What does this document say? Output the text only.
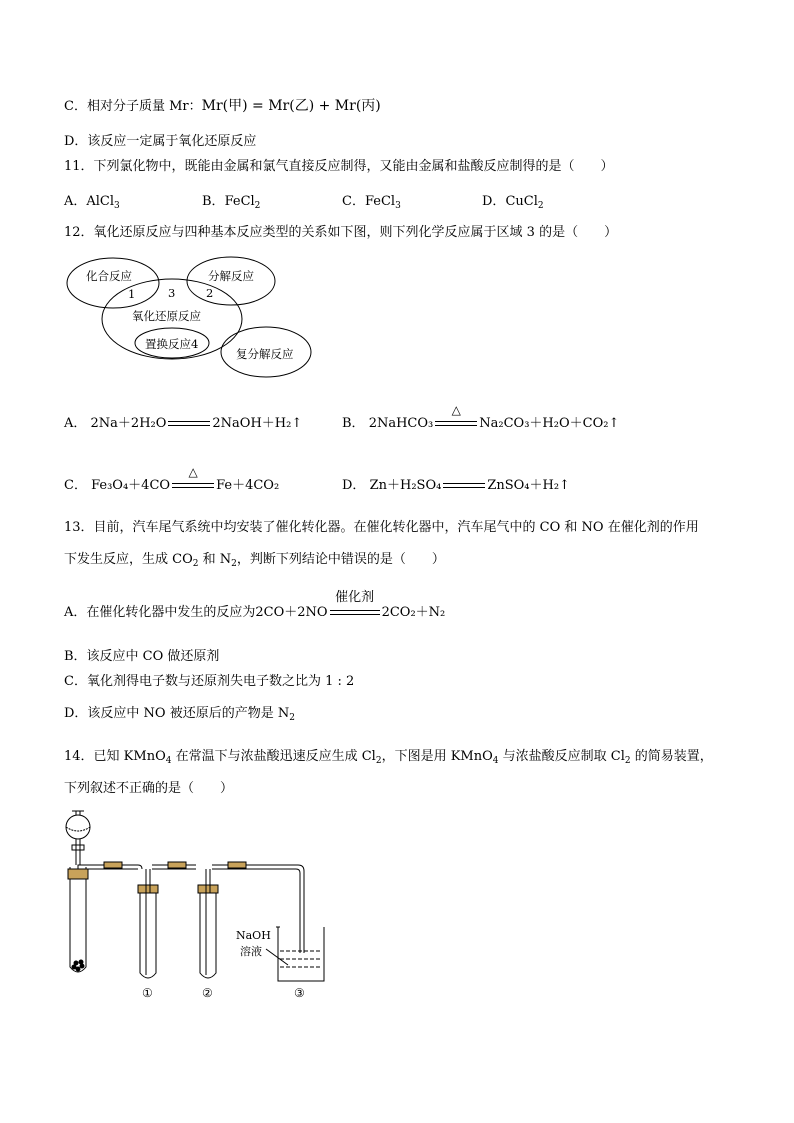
C．相对分子质量 Mr：Mr(甲) = Mr(乙) + Mr(丙)
D．该反应一定属于氧化还原反应
11．下列氯化物中，既能由金属和氯气直接反应制得，又能由金属和盐酸反应制得的是（　　）
A．AlCl$_3$	B．FeCl$_2$	C．FeCl$_3$	D．CuCl$_2$
12．氧化还原反应与四种基本反应类型的关系如下图，则下列化学反应属于区域 3 的是（　　）
化合反应	分解反应
氧化还原反应
置换反应4
复分解反应
1	2
3
A． 2Na＋2H₂O	2NaOH＋H₂↑	B． 2NaHCO₃
△
Na₂CO₃＋H₂O＋CO₂↑
C． Fe₃O₄＋4CO
△
Fe＋4CO₂	D． Zn＋H₂SO₄	ZnSO₄＋H₂↑
13．目前，汽车尾气系统中均安装了催化转化器。在催化转化器中，汽车尾气中的 CO 和 NO 在催化剂的作用
下发生反应，生成 $CO_2$ 和 $N_2$，判断下列结论中错误的是（　　）
A．在催化转化器中发生的反应为2CO＋2NO
催化剂
2CO₂＋N₂
B．该反应中 CO 做还原剂
C．氧化剂得电子数与还原剂失电子数之比为 1 : 2
D．该反应中 NO 被还原后的产物是 $N_2$
14．已知 KMnO$_4$ 在常温下与浓盐酸迅速反应生成 $Cl_2$，下图是用 KMnO$_4$ 与浓盐酸反应制取 $Cl_2$ 的简易装置，
下列叙述不正确的是（　　）
NaOH
溶液
①	②	③
